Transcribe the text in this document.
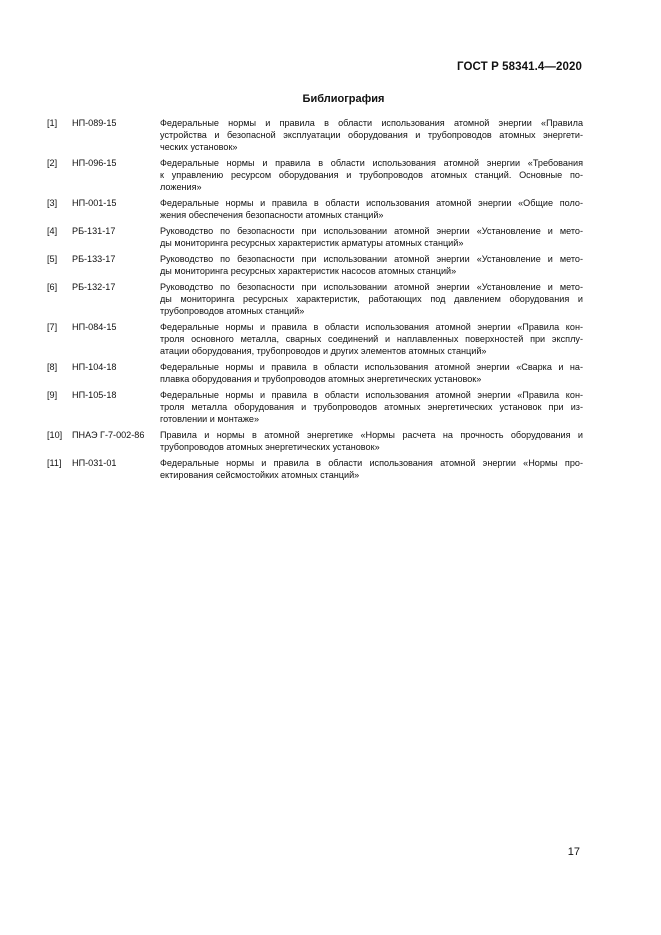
ГОСТ Р 58341.4—2020
Библиография
[1]	НП-089-15	Федеральные нормы и правила в области использования атомной энергии «Правила
устройства и безопасной эксплуатации оборудования и трубопроводов атомных энергети-
ческих установок»
[2]	НП-096-15	Федеральные нормы и правила в области использования атомной энергии «Требования
к управлению ресурсом оборудования и трубопроводов атомных станций. Основные по-
ложения»
[3]	НП-001-15	Федеральные нормы и правила в области использования атомной энергии «Общие поло-
жения обеспечения безопасности атомных станций»
[4]	РБ-131-17	Руководство по безопасности при использовании атомной энергии «Установление и мето-
ды мониторинга ресурсных характеристик арматуры атомных станций»
[5]	РБ-133-17	Руководство по безопасности при использовании атомной энергии «Установление и мето-
ды мониторинга ресурсных характеристик насосов атомных станций»
[6]	РБ-132-17	Руководство по безопасности при использовании атомной энергии «Установление и мето-
ды мониторинга ресурсных характеристик, работающих под давлением оборудования и
трубопроводов атомных станций»
[7]	НП-084-15	Федеральные нормы и правила в области использования атомной энергии «Правила кон-
троля основного металла, сварных соединений и наплавленных поверхностей при эксплу-
атации оборудования, трубопроводов и других элементов атомных станций»
[8]	НП-104-18	Федеральные нормы и правила в области использования атомной энергии «Сварка и на-
плавка оборудования и трубопроводов атомных энергетических установок»
[9]	НП-105-18	Федеральные нормы и правила в области использования атомной энергии «Правила кон-
троля металла оборудования и трубопроводов атомных энергетических установок при из-
готовлении и монтаже»
[10]	ПНАЭ Г-7-002-86	Правила и нормы в атомной энергетике «Нормы расчета на прочность оборудования и
трубопроводов атомных энергетических установок»
[11]	НП-031-01	Федеральные нормы и правила в области использования атомной энергии «Нормы про-
ектирования сейсмостойких атомных станций»
17
